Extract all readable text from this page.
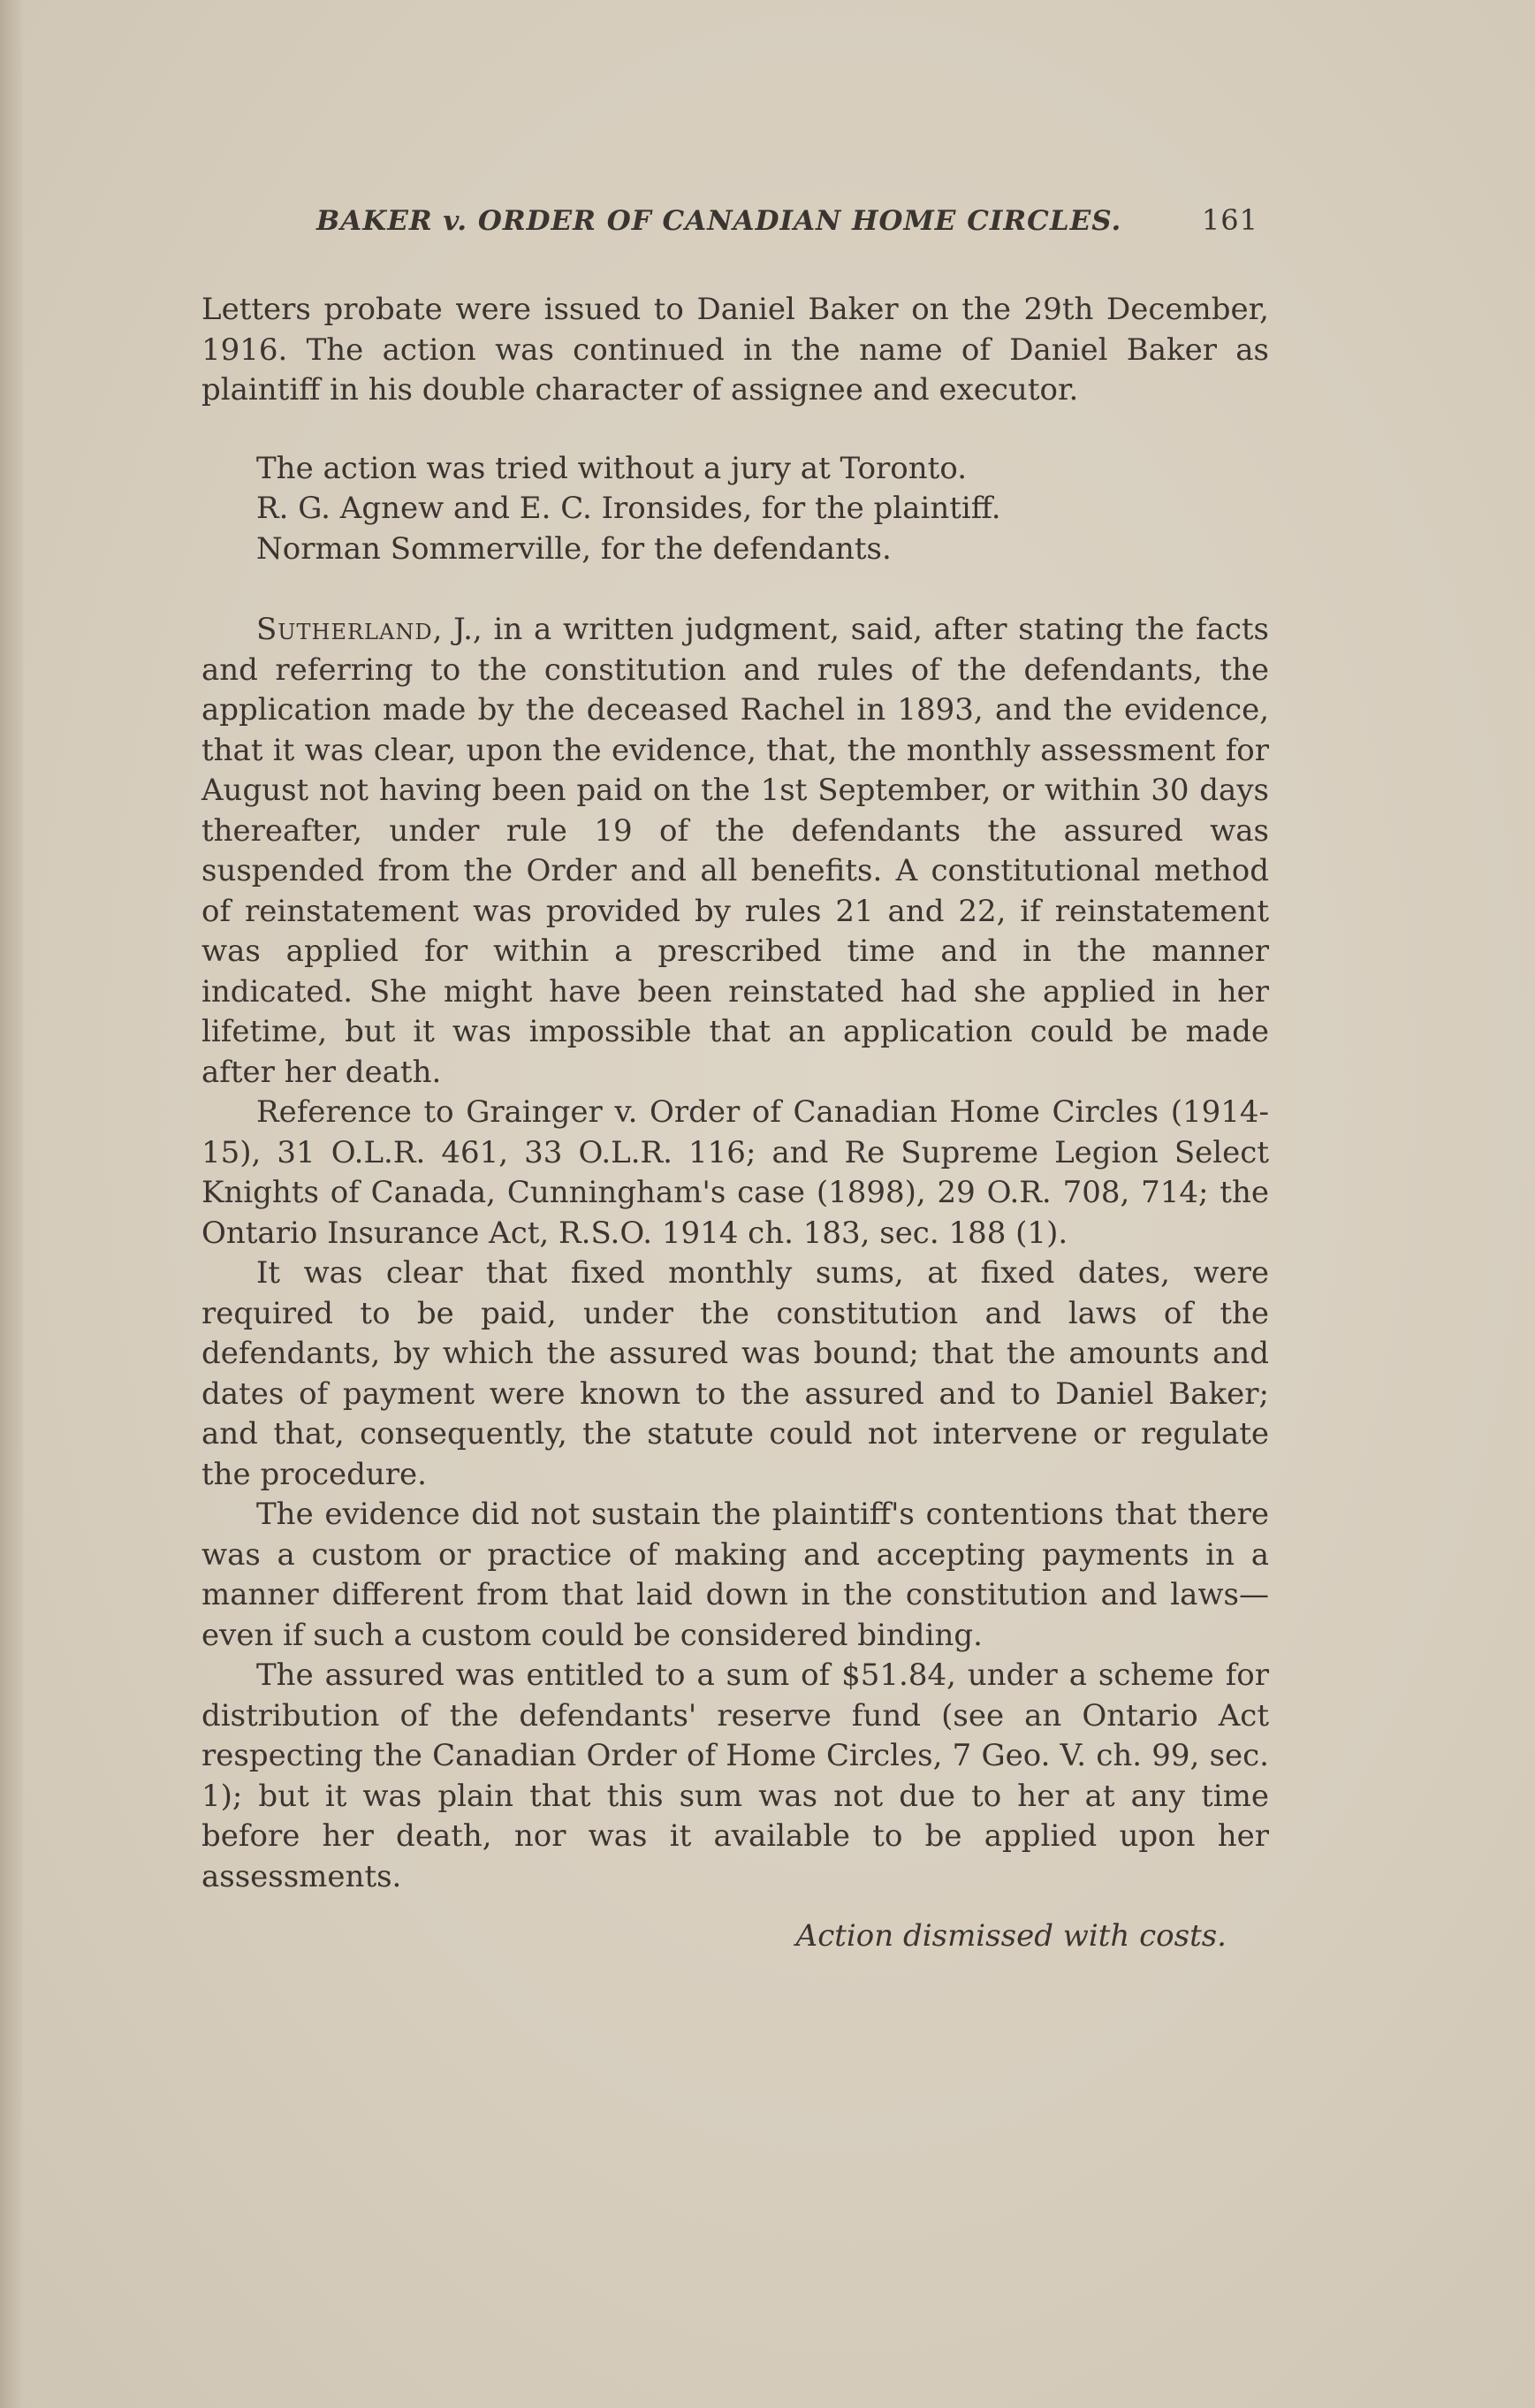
BAKER v. ORDER OF CANADIAN HOME CIRCLES.	161

Letters probate were issued to Daniel Baker on the 29th December, 1916. The action was continued in the name of Daniel Baker as plaintiff in his double character of assignee and executor.

The action was tried without a jury at Toronto.

R. G. Agnew and E. C. Ironsides, for the plaintiff.

Norman Sommerville, for the defendants.

Sutherland, J., in a written judgment, said, after stating the facts and referring to the constitution and rules of the defendants, the application made by the deceased Rachel in 1893, and the evidence, that it was clear, upon the evidence, that, the monthly assessment for August not having been paid on the 1st September, or within 30 days thereafter, under rule 19 of the defendants the assured was suspended from the Order and all benefits. A constitutional method of reinstatement was provided by rules 21 and 22, if reinstatement was applied for within a prescribed time and in the manner indicated. She might have been reinstated had she applied in her lifetime, but it was impossible that an application could be made after her death.

Reference to Grainger v. Order of Canadian Home Circles (1914-15), 31 O.L.R. 461, 33 O.L.R. 116; and Re Supreme Legion Select Knights of Canada, Cunningham's case (1898), 29 O.R. 708, 714; the Ontario Insurance Act, R.S.O. 1914 ch. 183, sec. 188 (1).

It was clear that fixed monthly sums, at fixed dates, were required to be paid, under the constitution and laws of the defendants, by which the assured was bound; that the amounts and dates of payment were known to the assured and to Daniel Baker; and that, consequently, the statute could not intervene or regulate the procedure.

The evidence did not sustain the plaintiff's contentions that there was a custom or practice of making and accepting payments in a manner different from that laid down in the constitution and laws—even if such a custom could be considered binding.

The assured was entitled to a sum of $51.84, under a scheme for distribution of the defendants' reserve fund (see an Ontario Act respecting the Canadian Order of Home Circles, 7 Geo. V. ch. 99, sec. 1); but it was plain that this sum was not due to her at any time before her death, nor was it available to be applied upon her assessments.

Action dismissed with costs.
